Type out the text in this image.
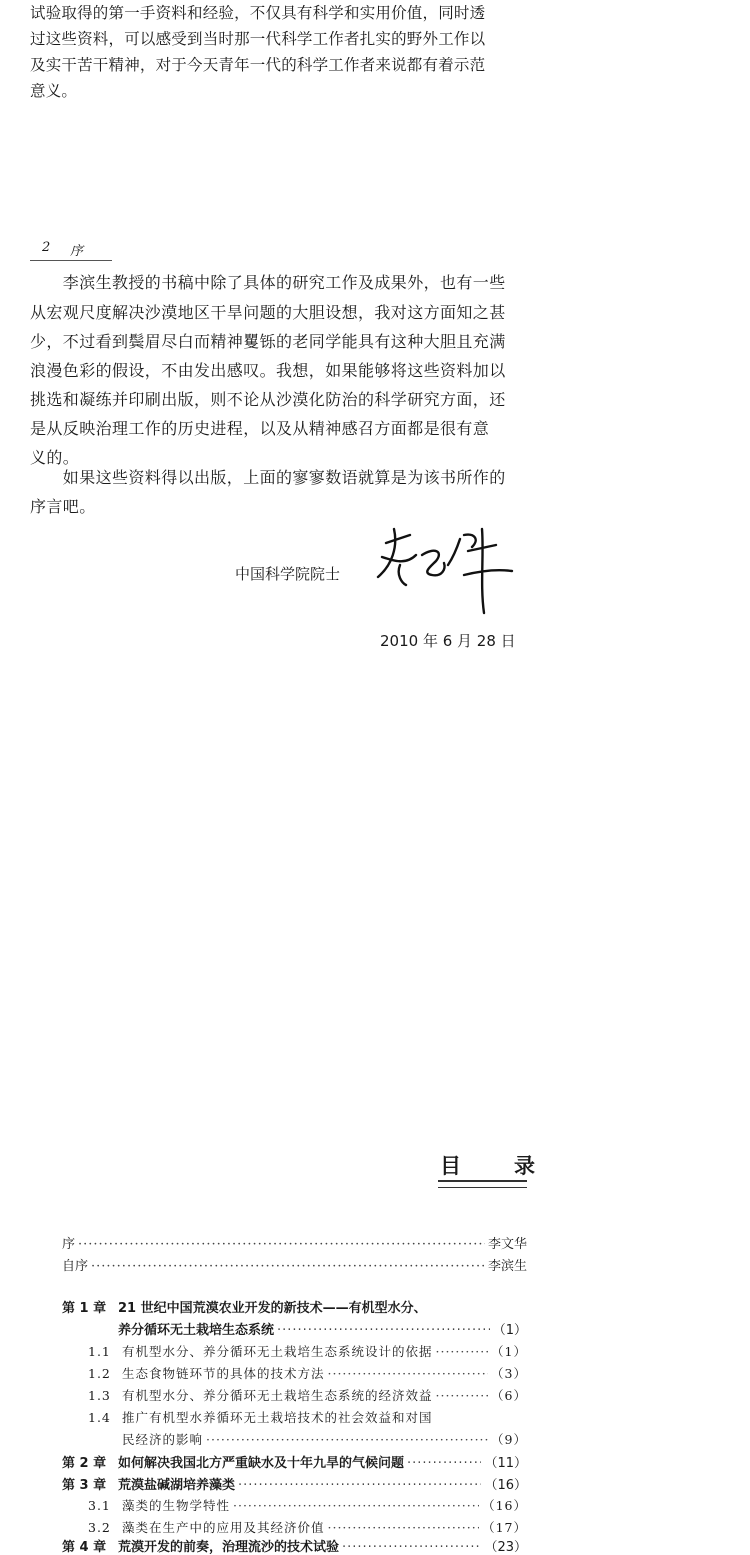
试验取得的第一手资料和经验，不仅具有科学和实用价值，同时透
过这些资料，可以感受到当时那一代科学工作者扎实的野外工作以
及实干苦干精神，对于今天青年一代的科学工作者来说都有着示范
意义。
2 序
　　李滨生教授的书稿中除了具体的研究工作及成果外，也有一些
从宏观尺度解决沙漠地区干旱问题的大胆设想，我对这方面知之甚
少，不过看到鬓眉尽白而精神矍铄的老同学能具有这种大胆且充满
浪漫色彩的假设，不由发出感叹。我想，如果能够将这些资料加以
挑选和凝练并印刷出版，则不论从沙漠化防治的科学研究方面，还
是从反映治理工作的历史进程，以及从精神感召方面都是很有意
义的。
　　如果这些资料得以出版，上面的寥寥数语就算是为该书所作的
序言吧。
中国科学院院士
2010 年 6 月 28 日
目　录
序 ·····	李文华
自序 ·····	李滨生
第 1 章 21 世纪中国荒漠农业开发的新技术——有机型水分、
养分循环无土栽培生态系统 ·····	（1）
1.1 有机型水分、养分循环无土栽培生态系统设计的依据 ·····	（1）
1.2 生态食物链环节的具体的技术方法 ·····	（3）
1.3 有机型水分、养分循环无土栽培生态系统的经济效益 ·····	（6）
1.4 推广有机型水养循环无土栽培技术的社会效益和对国
民经济的影响 ·····	（9）
第 2 章 如何解决我国北方严重缺水及十年九旱的气候问题 ·····	（11）
第 3 章 荒漠盐碱湖培养藻类 ·····	（16）
3.1 藻类的生物学特性 ·····	（16）
3.2 藻类在生产中的应用及其经济价值 ·····	（17）
第 4 章 荒漠开发的前奏，治理流沙的技术试验 ·····	（23）
